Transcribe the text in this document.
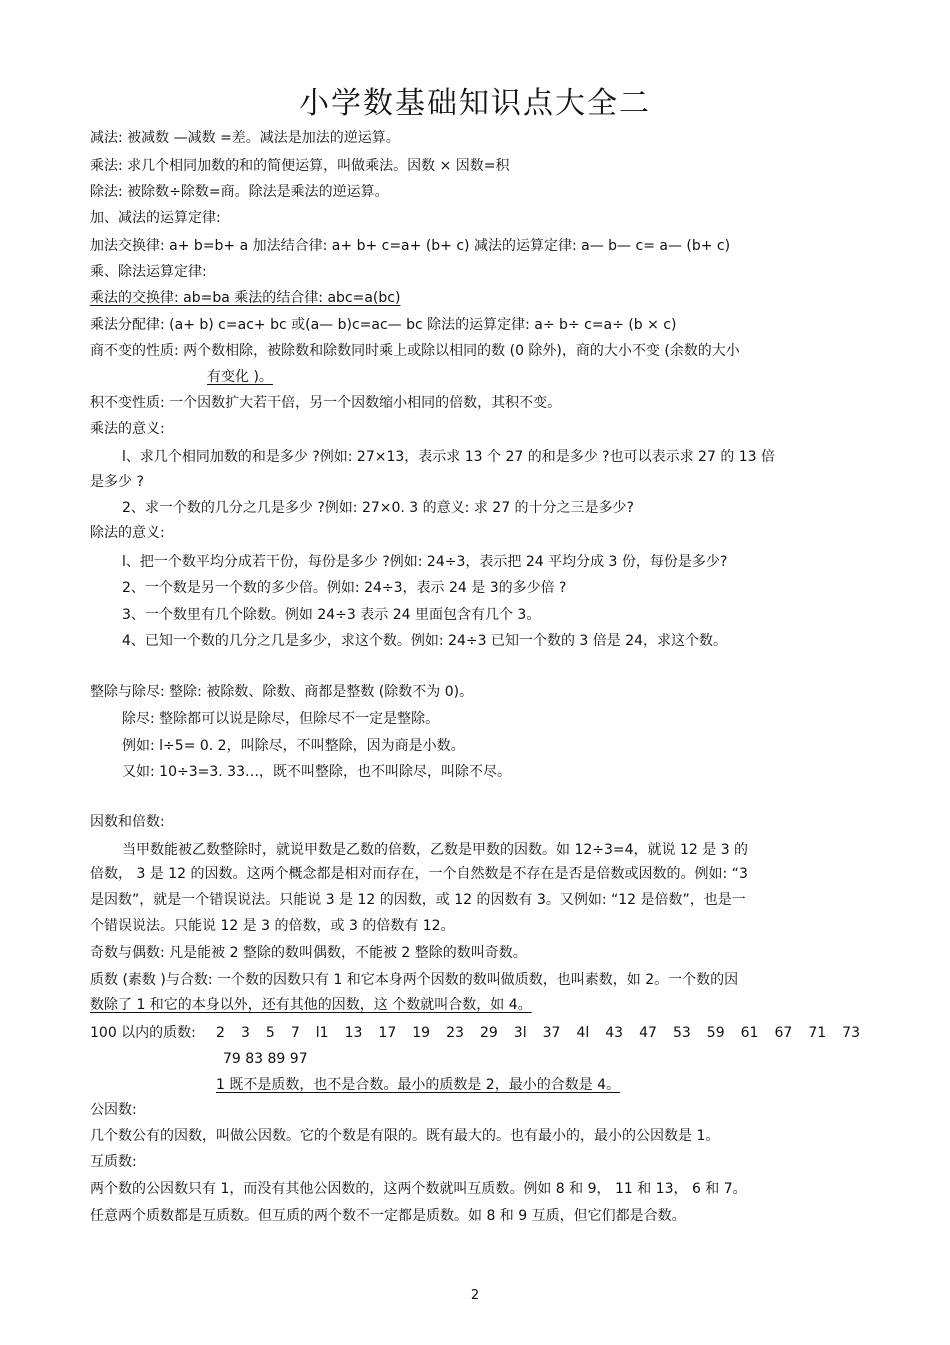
小学数基础知识点大全二
减法: 被减数 —减数 =差。减法是加法的逆运算。
乘法: 求几个相同加数的和的简便运算，叫做乘法。因数 × 因数=积
除法: 被除数÷除数=商。除法是乘法的逆运算。
加、减法的运算定律:
加法交换律: a+ b=b+ a 加法结合律: a+ b+ c=a+ (b+ c) 减法的运算定律: a— b— c= a— (b+ c)
乘、除法运算定律:
乘法的交换律: ab=ba 乘法的结合律: abc=a(bc)
乘法分配律: (a+ b) c=ac+ bc 或(a— b)c=ac— bc 除法的运算定律: a÷ b÷ c=a÷ (b × c)
商不变的性质: 两个数相除，被除数和除数同时乘上或除以相同的数 (0 除外)，商的大小不变 (余数的大小
有变化 )。
积不变性质: 一个因数扩大若干倍，另一个因数缩小相同的倍数，其积不变。
乘法的意义:
l、求几个相同加数的和是多少 ?例如: 27×13，表示求 13 个 27 的和是多少 ?也可以表示求 27 的 13 倍
是多少 ?
2、求一个数的几分之几是多少 ?例如: 27×0. 3 的意义: 求 27 的十分之三是多少?
除法的意义:
l、把一个数平均分成若干份，每份是多少 ?例如: 24÷3，表示把 24 平均分成 3 份，每份是多少?
2、一个数是另一个数的多少倍。例如: 24÷3，表示 24 是 3的多少倍 ?
3、一个数里有几个除数。例如 24÷3 表示 24 里面包含有几个 3。
4、已知一个数的几分之几是多少，求这个数。例如: 24÷3 已知一个数的 3 倍是 24，求这个数。
整除与除尽: 整除: 被除数、除数、商都是整数 (除数不为 0)。
除尽: 整除都可以说是除尽，但除尽不一定是整除。
例如: l÷5= 0. 2，叫除尽，不叫整除，因为商是小数。
又如: 10÷3=3. 33…，既不叫整除，也不叫除尽，叫除不尽。
因数和倍数:
当甲数能被乙数整除时，就说甲数是乙数的倍数，乙数是甲数的因数。如 12÷3=4，就说 12 是 3 的
倍数， 3 是 12 的因数。这两个概念都是相对而存在，一个自然数是不存在是否是倍数或因数的。例如: “3
是因数”，就是一个错误说法。只能说 3 是 12 的因数，或 12 的因数有 3。又例如: “12 是倍数”，也是一
个错误说法。只能说 12 是 3 的倍数，或 3 的倍数有 12。
奇数与偶数: 凡是能被 2 整除的数叫偶数，不能被 2 整除的数叫奇数。
质数 (素数 )与合数: 一个数的因数只有 1 和它本身两个因数的数叫做质数，也叫素数，如 2。一个数的因
数除了 1 和它的本身以外，还有其他的因数，这 个数就叫合数，如 4。
100 以内的质数:	2 3 5 7 l1 13 17 19 23 29 3l 37 4l 43 47 53 59 61 67 71 73
79 83 89 97
1 既不是质数，也不是合数。最小的质数是 2，最小的合数是 4。
公因数:
几个数公有的因数，叫做公因数。它的个数是有限的。既有最大的。也有最小的，最小的公因数是 1。
互质数:
两个数的公因数只有 1，而没有其他公因数的，这两个数就叫互质数。例如 8 和 9， 11 和 13， 6 和 7。
任意两个质数都是互质数。但互质的两个数不一定都是质数。如 8 和 9 互质，但它们都是合数。
2
